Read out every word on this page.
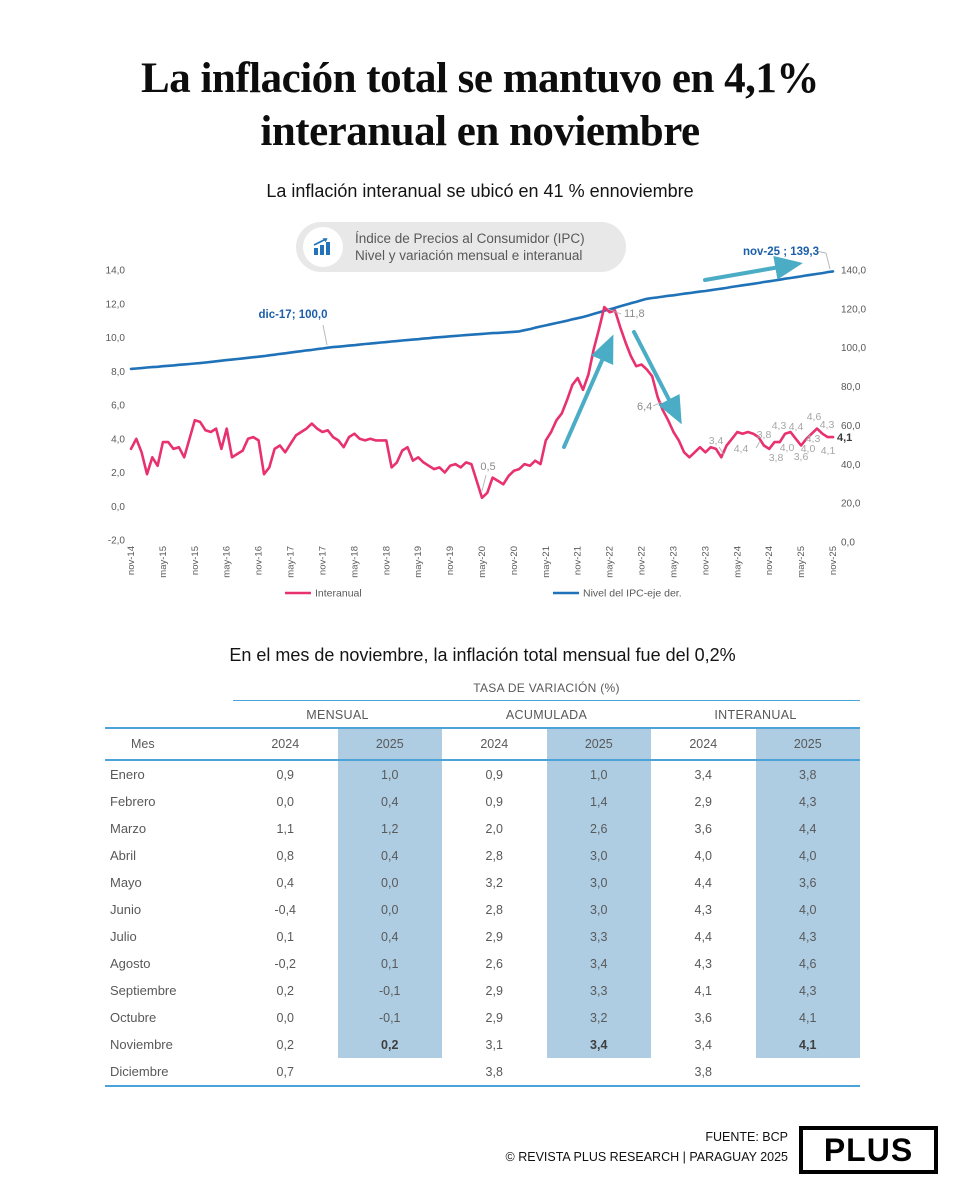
La inflación total se mantuvo en 4,1%
interanual en noviembre

La inflación interanual se ubicó en 41 % ennoviembre

Índice de Precios al Consumidor (IPC)
Nivel y variación mensual e interanual
14,0
12,0
10,0
8,0
6,0
4,0
2,0
0,0
-2,0
140,0
120,0
100,0
80,0
60,0
40,0
20,0
0,0
nov-14 may-15 nov-15 may-16 nov-16 may-17 nov-17 may-18 nov-18 may-19 nov-19 may-20 nov-20 may-21 nov-21 may-22 nov-22 may-23 nov-23 may-24 nov-24 may-25 nov-25
dic-17; 100,0
nov-25 ; 139,3
0,5
11,8
6,4
3,4
4,4
3,8
4,3 4,4
4,6
4,3
3,8
4,0
3,6
4,3
4,0 4,1
4,1
Interanual	Nivel del IPC-eje der.

En el mes de noviembre, la inflación total mensual fue del 0,2%

TASA DE VARIACIÓN (%)
MENSUAL	ACUMULADA	INTERANUAL
Mes	2024	2025	2024	2025	2024	2025
Enero	0,9	1,0	0,9	1,0	3,4	3,8
Febrero	0,0	0,4	0,9	1,4	2,9	4,3
Marzo	1,1	1,2	2,0	2,6	3,6	4,4
Abril	0,8	0,4	2,8	3,0	4,0	4,0
Mayo	0,4	0,0	3,2	3,0	4,4	3,6
Junio	-0,4	0,0	2,8	3,0	4,3	4,0
Julio	0,1	0,4	2,9	3,3	4,4	4,3
Agosto	-0,2	0,1	2,6	3,4	4,3	4,6
Septiembre	0,2	-0,1	2,9	3,3	4,1	4,3
Octubre	0,0	-0,1	2,9	3,2	3,6	4,1
Noviembre	0,2	0,2	3,1	3,4	3,4	4,1
Diciembre	0,7		3,8		3,8	
FUENTE: BCP
© REVISTA PLUS RESEARCH | PARAGUAY 2025	PLUS
